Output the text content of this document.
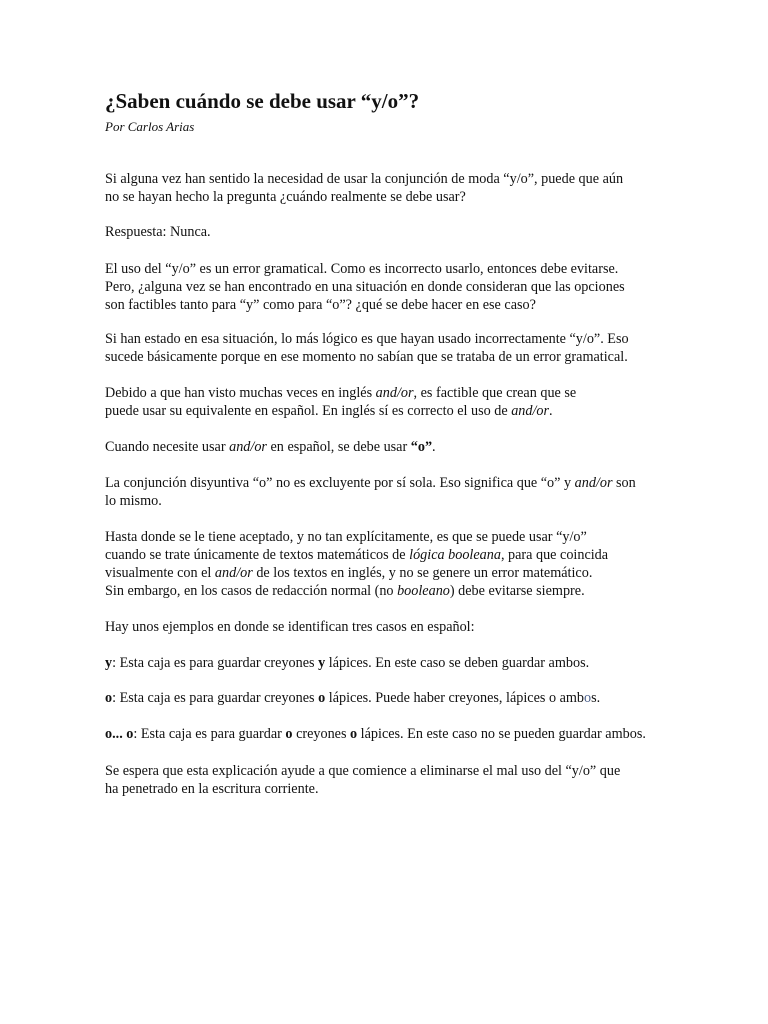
¿Saben cuándo se debe usar “y/o”?
Por Carlos Arias
Si alguna vez han sentido la necesidad de usar la conjunción de moda “y/o”, puede que aún
no se hayan hecho la pregunta ¿cuándo realmente se debe usar?
Respuesta: Nunca.
El uso del “y/o” es un error gramatical. Como es incorrecto usarlo, entonces debe evitarse.
Pero, ¿alguna vez se han encontrado en una situación en donde consideran que las opciones
son factibles tanto para “y” como para “o”? ¿qué se debe hacer en ese caso?
Si han estado en esa situación, lo más lógico es que hayan usado incorrectamente “y/o”. Eso
sucede básicamente porque en ese momento no sabían que se trataba de un error gramatical.
Debido a que han visto muchas veces en inglés and/or, es factible que crean que se
puede usar su equivalente en español. En inglés sí es correcto el uso de and/or.
Cuando necesite usar and/or en español, se debe usar “o”.
La conjunción disyuntiva “o” no es excluyente por sí sola. Eso significa que “o” y and/or son
lo mismo.
Hasta donde se le tiene aceptado, y no tan explícitamente, es que se puede usar “y/o”
cuando se trate únicamente de textos matemáticos de lógica booleana, para que coincida
visualmente con el and/or de los textos en inglés, y no se genere un error matemático.
Sin embargo, en los casos de redacción normal (no booleano) debe evitarse siempre.
Hay unos ejemplos en donde se identifican tres casos en español:
y: Esta caja es para guardar creyones y lápices. En este caso se deben guardar ambos.
o: Esta caja es para guardar creyones o lápices. Puede haber creyones, lápices o ambos.
o... o: Esta caja es para guardar o creyones o lápices. En este caso no se pueden guardar ambos.
Se espera que esta explicación ayude a que comience a eliminarse el mal uso del “y/o” que
ha penetrado en la escritura corriente.
